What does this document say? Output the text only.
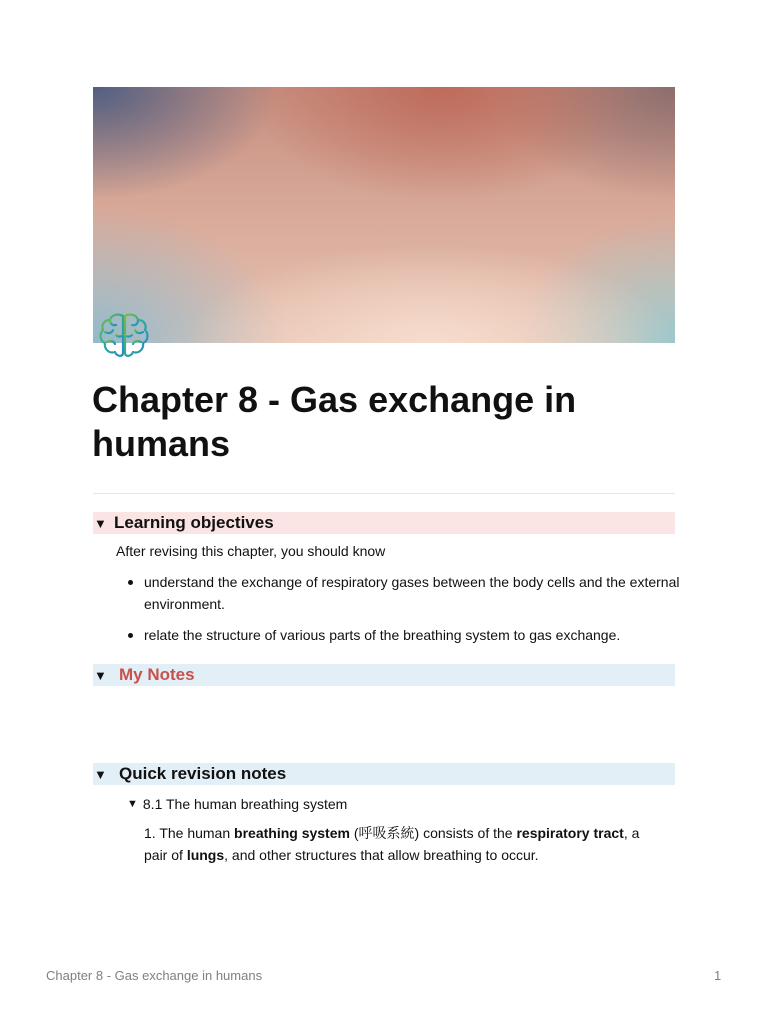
Chapter 8 - Gas exchange in humans
▼ Learning objectives
After revising this chapter, you should know
understand the exchange of respiratory gases between the body cells and the external environment.
relate the structure of various parts of the breathing system to gas exchange.
▼ My Notes
▼ Quick revision notes
▼ 8.1 The human breathing system
1. The human breathing system (呼吸系統) consists of the respiratory tract, a pair of lungs, and other structures that allow breathing to occur.
Chapter 8 - Gas exchange in humans	1
